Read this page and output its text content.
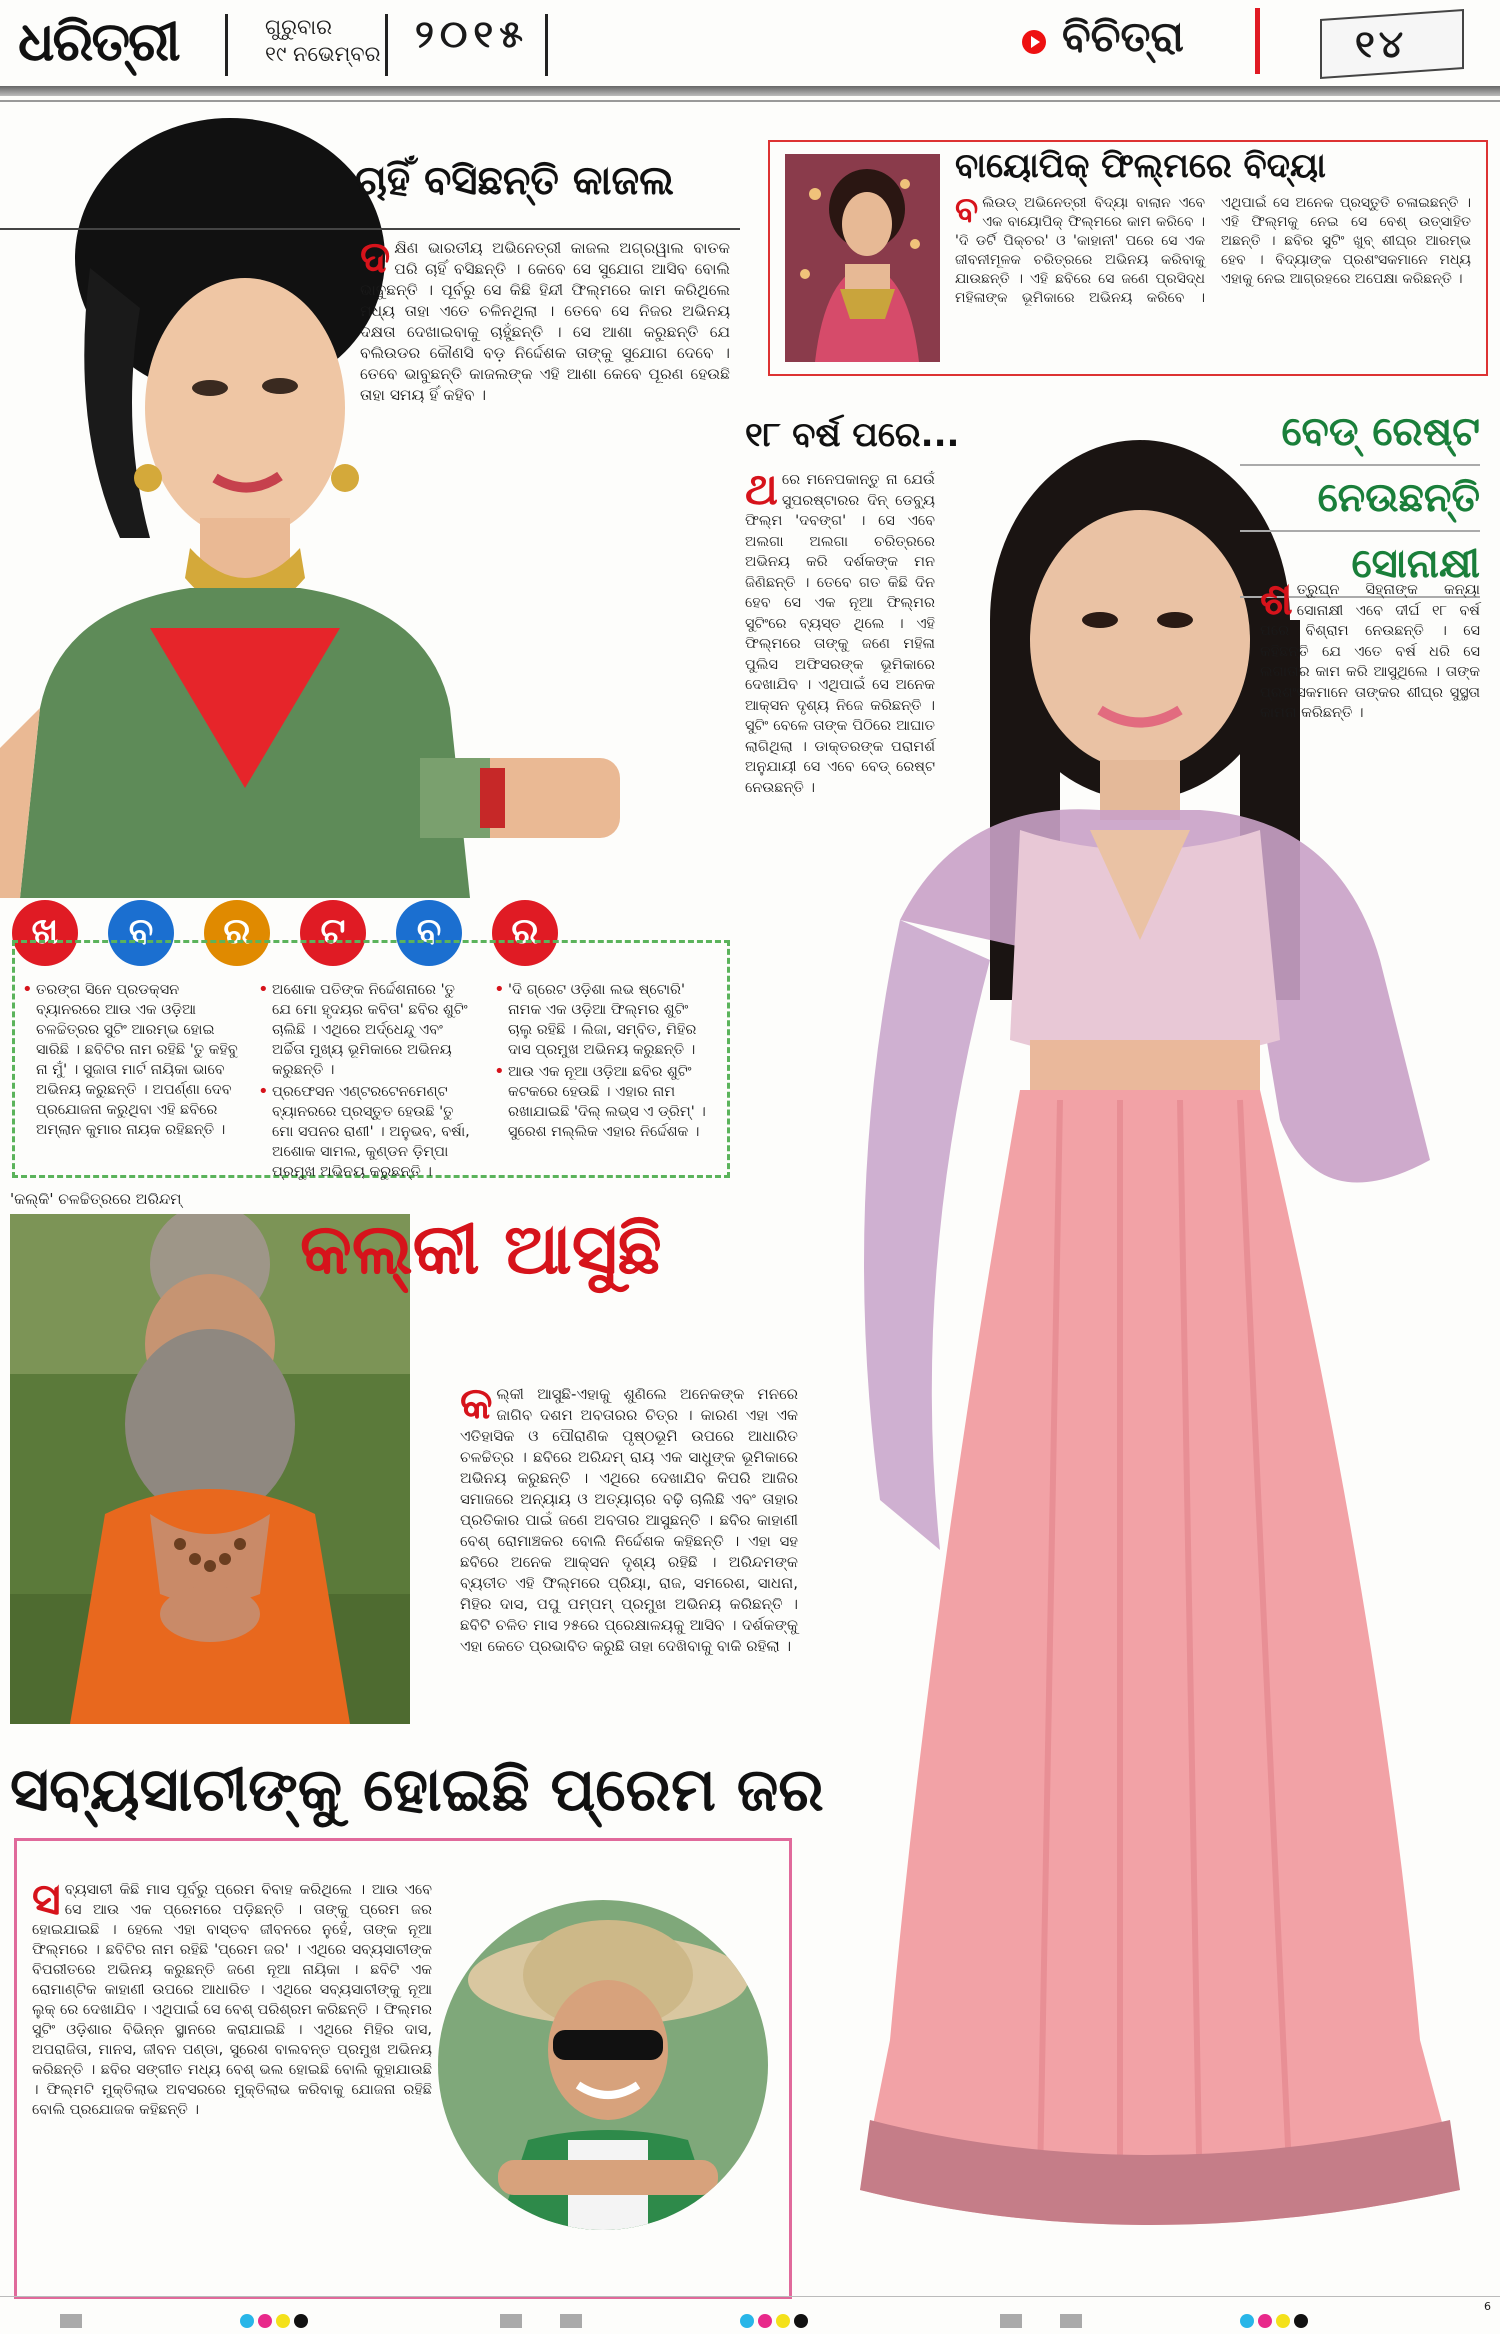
ଧରିତ୍ରୀ	ଗୁରୁବାର
୧୯ ନଭେମ୍ବର ୨୦୧୫	ବିଚିତ୍ରା	୧୪
ଚାହିଁ ବସିଛନ୍ତି କାଜଲ
ଦ କ୍ଷିଣ ଭାରତୀୟ ଅଭିନେତ୍ରୀ କାଜଲ ଅଗ୍ରୱାଲ ବାତକ ପରି ଚାହିଁ ବସିଛନ୍ତି । କେବେ ସେ ସୁଯୋଗ ଆସିବ ବୋଲି ଭାବୁଛନ୍ତି । ପୂର୍ବରୁ ସେ କିଛି ହିନ୍ଦୀ ଫିଲ୍ମରେ କାମ କରିଥିଲେ ମଧ୍ୟ ତାହା ଏତେ ଚଳିନଥିଲା । ତେବେ ସେ ନିଜର ଅଭିନୟ ଦକ୍ଷତା ଦେଖାଇବାକୁ ଚାହୁଁଛନ୍ତି । ସେ ଆଶା କରୁଛନ୍ତି ଯେ ବଲିଉଡର କୌଣସି ବଡ଼ ନିର୍ଦ୍ଦେଶକ ତାଙ୍କୁ ସୁଯୋଗ ଦେବେ । ତେବେ ଭାବୁଛନ୍ତି କାଜଲଙ୍କ ଏହି ଆଶା କେବେ ପୂରଣ ହେଉଛି ତାହା ସମୟ ହିଁ କହିବ ।
ଖ	ବ	ର	ଟ	ବ	ର

• ତରଙ୍ଗ ସିନେ ପ୍ରଡକ୍ସନ ବ୍ୟାନରରେ ଆଉ ଏକ ଓଡ଼ିଆ ଚଳଚ୍ଚିତ୍ରର ସୁଟିଂ ଆରମ୍ଭ ହୋଇ ସାରିଛି । ଛବିଟିର ନାମ ରହିଛି 'ତୁ କହିବୁ ନା ମୁଁ' । ସୁଜାତା ମାର୍ଟ ନାୟିକା ଭାବେ ଅଭିନୟ କରୁଛନ୍ତି । ଅପର୍ଣ୍ଣା ଦେବ ପ୍ରଯୋଜନା କରୁଥିବା ଏହି ଛବିରେ ଅମ୍ଲାନ କୁମାର ନାୟକ ରହିଛନ୍ତି ।

• ଅଶୋକ ପତିଙ୍କ ନିର୍ଦ୍ଦେଶନାରେ 'ତୁ ଯେ ମୋ ହୃଦୟର କବିତା' ଛବିର ଶୁଟିଂ ଚାଲିଛି । ଏଥିରେ ଅର୍ଦ୍ଧେନ୍ଦୁ ଏବଂ ଅର୍ଚ୍ଚିତା ମୁଖ୍ୟ ଭୂମିକାରେ ଅଭିନୟ କରୁଛନ୍ତି ।

• ପ୍ରଫେସନ ଏଣ୍ଟରଟେନମେଣ୍ଟ ବ୍ୟାନରରେ ପ୍ରସ୍ତୁତ ହେଉଛି 'ତୁ ମୋ ସପନର ରାଣୀ' । ଅନୁଭବ, ବର୍ଷା, ଅଶୋକ ସାମଲ, କୁଣ୍ଡନ ଡ଼ିମ୍ପା ପ୍ରମୁଖ ଅଭିନୟ କରୁଛନ୍ତି ।

• 'ଦି ଗ୍ରେଟ ଓଡ଼ିଶା ଲଭ ଷ୍ଟୋରି' ନାମକ ଏକ ଓଡ଼ିଆ ଫିଲ୍ମର ଶୁଟିଂ ଚାଲୁ ରହିଛି । ଲିଜା, ସମ୍ବିତ, ମିହିର ଦାସ ପ୍ରମୁଖ ଅଭିନୟ କରୁଛନ୍ତି ।

• ଆଉ ଏକ ନୂଆ ଓଡ଼ିଆ ଛବିର ଶୁଟିଂ କଟକରେ ହେଉଛି । ଏହାର ନାମ ରଖାଯାଇଛି 'ଦିଲ୍ ଲଭ୍ସ ଏ ଡ୍ରିମ୍' । ସୁରେଶ ମଲ୍ଲିକ ଏହାର ନିର୍ଦ୍ଦେଶକ ।

'କଲ୍କି' ଚଳଚ୍ଚିତ୍ରରେ ଅରିନ୍ଦମ୍
କଲ୍କୀ ଆସୁଛି
କ ଲ୍କୀ ଆସୁଛି-ଏହାକୁ ଶୁଣିଲେ ଅନେକଙ୍କ ମନରେ ଜାଗିବ ଦଶମ ଅବତାରର ଚିତ୍ର । କାରଣ ଏହା ଏକ ଏତିହାସିକ ଓ ପୌରାଣିକ ପୃଷ୍ଠଭୂମି ଉପରେ ଆଧାରିତ ଚଳଚ୍ଚିତ୍ର । ଛବିରେ ଅରିନ୍ଦମ୍ ରାୟ ଏକ ସାଧୁଙ୍କ ଭୂମିକାରେ ଅଭିନୟ କରୁଛନ୍ତି । ଏଥିରେ ଦେଖାଯିବ କିପରି ଆଜିର ସମାଜରେ ଅନ୍ୟାୟ ଓ ଅତ୍ୟାଚାର ବଢ଼ି ଚାଲିଛି ଏବଂ ତାହାର ପ୍ରତିକାର ପାଇଁ ଜଣେ ଅବତାର ଆସୁଛନ୍ତି । ଛବିର କାହାଣୀ ବେଶ୍ ରୋମାଞ୍ଚକର ବୋଲି ନିର୍ଦ୍ଦେଶକ କହିଛନ୍ତି । ଏହା ସହ ଛବିରେ ଅନେକ ଆକ୍ସନ ଦୃଶ୍ୟ ରହିଛି । ଅରିନ୍ଦମଙ୍କ ବ୍ୟତୀତ ଏହି ଫିଲ୍ମରେ ପ୍ରିୟା, ରାଜ, ସମରେଶ, ସାଧନା, ମିହିର ଦାସ, ପପୁ ପମ୍ପମ୍ ପ୍ରମୁଖ ଅଭିନୟ କରିଛନ୍ତି । ଛବିଟି ଚଳିତ ମାସ ୨୫ରେ ପ୍ରେକ୍ଷାଳୟକୁ ଆସିବ । ଦର୍ଶକଙ୍କୁ ଏହା କେତେ ପ୍ରଭାବିତ କରୁଛି ତାହା ଦେଖିବାକୁ ବାକି ରହିଲା ।
ସବ୍ୟସାଚୀଙ୍କୁ ହୋଇଛି ପ୍ରେମ ଜର
ସ ବ୍ୟସାଚୀ କିଛି ମାସ ପୂର୍ବରୁ ପ୍ରେମ ବିବାହ କରିଥିଲେ । ଆଉ ଏବେ ସେ ଆଉ ଏକ ପ୍ରେମରେ ପଡ଼ିଛନ୍ତି । ତାଙ୍କୁ ପ୍ରେମ ଜର ହୋଇଯାଇଛି । ହେଲେ ଏହା ବାସ୍ତବ ଜୀବନରେ ନୁହେଁ, ତାଙ୍କ ନୂଆ ଫିଲ୍ମରେ । ଛବିଟିର ନାମ ରହିଛି 'ପ୍ରେମ ଜର' । ଏଥିରେ ସବ୍ୟସାଚୀଙ୍କ ବିପରୀତରେ ଅଭିନୟ କରୁଛନ୍ତି ଜଣେ ନୂଆ ନାୟିକା । ଛବିଟି ଏକ ରୋମାଣ୍ଟିକ କାହାଣୀ ଉପରେ ଆଧାରିତ । ଏଥିରେ ସବ୍ୟସାଚୀଙ୍କୁ ନୂଆ ଲୁକ୍ ରେ ଦେଖାଯିବ । ଏଥିପାଇଁ ସେ ବେଶ୍ ପରିଶ୍ରମ କରିଛନ୍ତି । ଫିଲ୍ମର ସୁଟିଂ ଓଡ଼ିଶାର ବିଭିନ୍ନ ସ୍ଥାନରେ କରାଯାଇଛି । ଏଥିରେ ମିହିର ଦାସ, ଅପରାଜିତା, ମାନସ, ଜୀବନ ପଣ୍ଡା, ସୁରେଶ ବାଲବନ୍ତ ପ୍ରମୁଖ ଅଭିନୟ କରିଛନ୍ତି । ଛବିର ସଙ୍ଗୀତ ମଧ୍ୟ ବେଶ୍ ଭଲ ହୋଇଛି ବୋଲି କୁହାଯାଉଛି । ଫିଲ୍ମଟି ମୁକ୍ତିଲାଭ ଅବସରରେ ମୁକ୍ତିଲାଭ କରିବାକୁ ଯୋଜନା ରହିଛି ବୋଲି ପ୍ରଯୋଜକ କହିଛନ୍ତି ।
ବାୟୋପିକ୍ ଫିଲ୍ମରେ ବିଦ୍ୟା
ବ ଲିଉଡ୍ ଅଭିନେତ୍ରୀ ବିଦ୍ୟା ବାଲାନ ଏବେ ଏକ ବାୟୋପିକ୍ ଫିଲ୍ମରେ କାମ କରିବେ । 'ଦି ଡର୍ଟି ପିକ୍ଚର' ଓ 'କାହାନୀ' ପରେ ସେ ଏକ ଜୀବନୀମୂଳକ ଚରିତ୍ରରେ ଅଭିନୟ କରିବାକୁ ଯାଉଛନ୍ତି । ଏହି ଛବିରେ ସେ ଜଣେ ପ୍ରସିଦ୍ଧ ମହିଳାଙ୍କ ଭୂମିକାରେ ଅଭିନୟ କରିବେ । ଏଥିପାଇଁ ସେ ଅନେକ ପ୍ରସ୍ତୁତି ଚଳାଇଛନ୍ତି । ଏହି ଫିଲ୍ମକୁ ନେଇ ସେ ବେଶ୍ ଉତ୍ସାହିତ ଅଛନ୍ତି । ଛବିର ସୁଟିଂ ଖୁବ୍ ଶୀଘ୍ର ଆରମ୍ଭ ହେବ । ବିଦ୍ୟାଙ୍କ ପ୍ରଶଂସକମାନେ ମଧ୍ୟ ଏହାକୁ ନେଇ ଆଗ୍ରହରେ ଅପେକ୍ଷା କରିଛନ୍ତି ।
୧୮ ବର୍ଷ ପରେ...	ବେଡ୍ ରେଷ୍ଟ
ନେଉଛନ୍ତି
ସୋନାକ୍ଷୀ
ଥ ରେ ମନେପକାନ୍ତୁ ନା ଯେଉଁ ସୁପରଷ୍ଟାରର ଦିନ୍ ଡେବ୍ୟୁ ଫିଲ୍ମ 'ଦବଙ୍ଗ' । ସେ ଏବେ ଅଲଗା ଅଲଗା ଚରିତ୍ରରେ ଅଭିନୟ କରି ଦର୍ଶକଙ୍କ ମନ ଜିଣିଛନ୍ତି । ତେବେ ଗତ କିଛି ଦିନ ହେବ ସେ ଏକ ନୂଆ ଫିଲ୍ମର ସୁଟିଂରେ ବ୍ୟସ୍ତ ଥିଲେ । ଏହି ଫିଲ୍ମରେ ତାଙ୍କୁ ଜଣେ ମହିଳା ପୁଲିସ ଅଫିସରଙ୍କ ଭୂମିକାରେ ଦେଖାଯିବ । ଏଥିପାଇଁ ସେ ଅନେକ ଆକ୍ସନ ଦୃଶ୍ୟ ନିଜେ କରିଛନ୍ତି । ସୁଟିଂ ବେଳେ ତାଙ୍କ ପିଠିରେ ଆଘାତ ଲାଗିଥିଲା । ଡାକ୍ତରଙ୍କ ପରାମର୍ଶ ଅନୁଯାୟୀ ସେ ଏବେ ବେଡ୍ ରେଷ୍ଟ ନେଉଛନ୍ତି ।
ଶ ତ୍ରୁଘ୍ନ ସିହ୍ନାଙ୍କ କନ୍ୟା ସୋନାକ୍ଷୀ ଏବେ ଦୀର୍ଘ ୧୮ ବର୍ଷ ପରେ ବିଶ୍ରାମ ନେଉଛନ୍ତି । ସେ କହିଛନ୍ତି ଯେ ଏତେ ବର୍ଷ ଧରି ସେ ଲଗାତାର କାମ କରି ଆସୁଥିଲେ । ତାଙ୍କ ପ୍ରଶଂସକମାନେ ତାଙ୍କର ଶୀଘ୍ର ସୁସ୍ଥତା କାମନା କରିଛନ୍ତି ।
6
